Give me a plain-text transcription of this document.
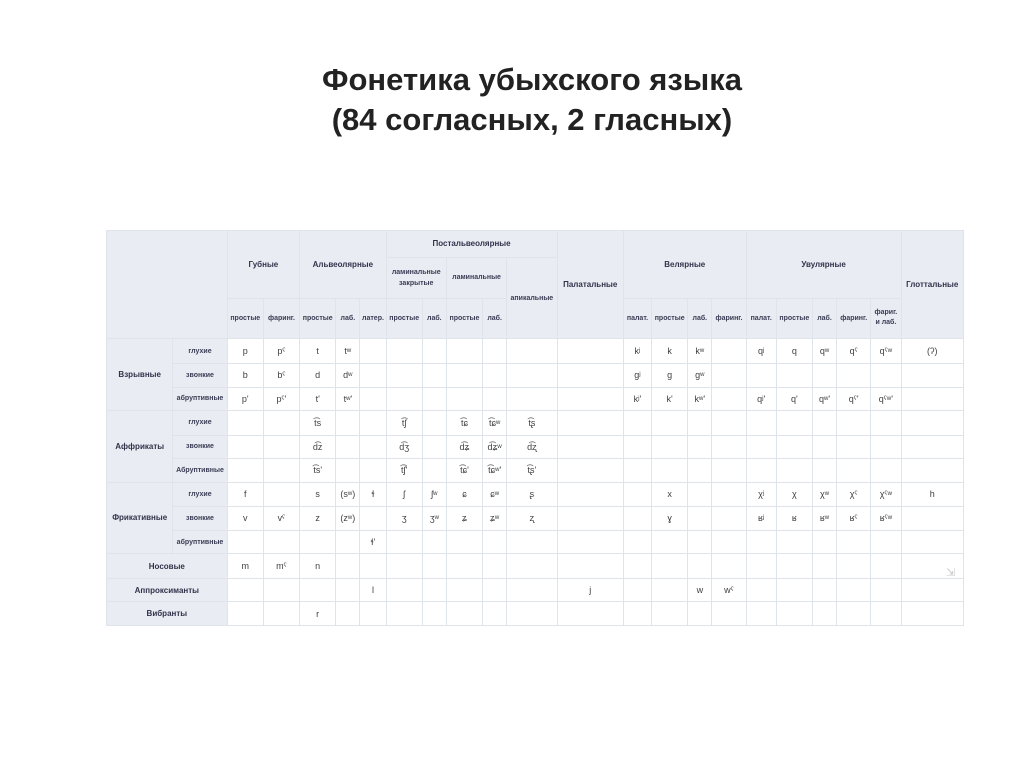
Фонетика убыхского языка
(84 согласных, 2 гласных)
		Губные		Альвеолярные			Постальвеолярные					Палатальные	Велярные				Увулярные					Глоттальные
							ламинальные закрытые		ламинальные		апикальные											
		простые	фаринг.	простые	лаб.	латер.	простые	лаб.	простые	лаб.			палат.	простые	лаб.	фаринг.	палат.	простые	лаб.	фаринг.	фариг. и лаб.	
Взрывные	глухие	p	pˤ	t	tʷ								kʲ	k	kʷ		qʲ	q	qʷ	qˤ	qˤʷ	(ʔ)
	звонкие	b	bˤ	d	dʷ								gʲ	g	gʷ							
	абруптивные	p'	pˤ'	t'	tʷ'								kʲ'	k'	kʷ'		qʲ'	q'	qʷ'	qˤ'	qˤʷ'	
Аффрикаты	глухие			t͡s			t͡ʃ		t͡ɕ	t͡ɕʷ	t͡ʂ											
	звонкие			d͡z			d͡ʒ		d͡ʑ	d͡ʑʷ	d͡ʐ											
	Абруптивные			t͡s'			t͡ʃ'		t͡ɕ'	t͡ɕʷ'	t͡ʂ'											
Фрикативные	глухие	f		s	(sʷ)	ɬ	ʃ	ʃʷ	ɕ	ɕʷ	ʂ			x			χʲ	χ	χʷ	χˤ	χˤʷ	h
	звонкие	v	vˤ	z	(zʷ)		ʒ	ʒʷ	ʑ	ʑʷ	ʐ			ɣ			ʁʲ	ʁ	ʁʷ	ʁˤ	ʁˤʷ	
	абруптивные					ɬ'																
Носовые		m	mˤ	n																		
Аппроксиманты						l						j			w	wˤ						
Вибранты				r																		
⇲
